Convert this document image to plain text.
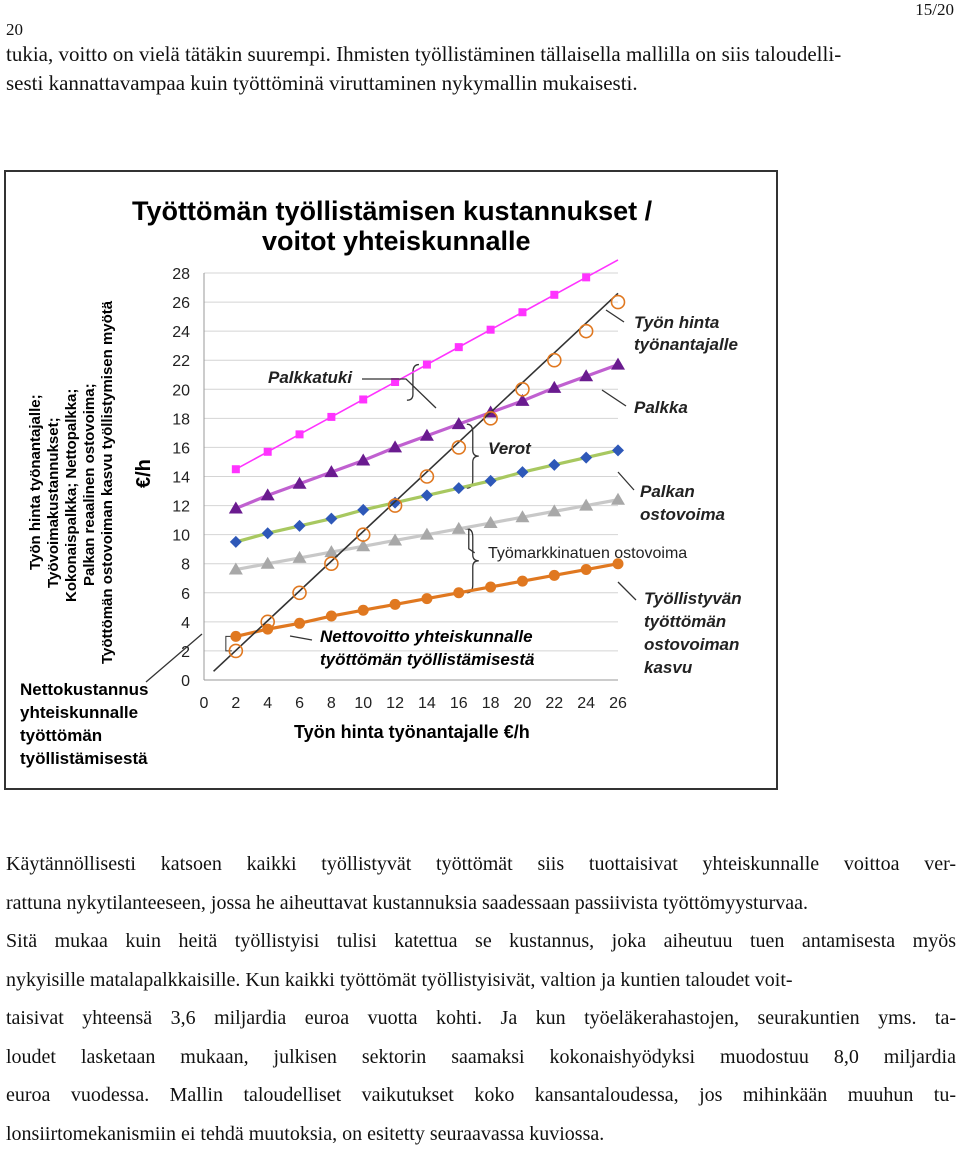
15/20
20
tukia, voitto on vielä tätäkin suurempi. Ihmisten työllistäminen tällaisella mallilla on siis taloudelli-
sesti kannattavampaa kuin työttöminä viruttaminen nykymallin mukaisesti.
Työttömän työllistämisen kustannukset /
voitot yhteiskunnalle
Työn hinta työnantajalle; Työvoimakustannukset; Kokonaispalkka; Nettopalkka; Palkan reaalinen ostovoima; Työttömän ostovoiman kasvu työllistymisen myötä €/h
0
2
4
6
8
10
12
14
16
18
20
22
24
26
28
0 2 4 6 8 10 12 14 16 18 20 22 24 26
Työn hinta työnantajalle €/h
Palkkatuki
Verot
Työn hinta
työnantajalle
Palkka
Palkan
ostovoima
Työmarkkinatuen ostovoima
Työllistyvän
työttömän
ostovoiman
kasvu
Nettovoitto yhteiskunnalle
työttömän työllistämisestä
Nettokustannus
yhteiskunnalle
työttömän
työllistämisestä
Käytännöllisesti katsoen kaikki työllistyvät työttömät siis tuottaisivat yhteiskunnalle voittoa ver-
rattuna nykytilanteeseen, jossa he aiheuttavat kustannuksia saadessaan passiivista työttömyysturvaa.
Sitä mukaa kuin heitä työllistyisi tulisi katettua se kustannus, joka aiheutuu tuen antamisesta myös
nykyisille matalapalkkaisille. Kun kaikki työttömät työllistyisivät, valtion ja kuntien taloudet voit-
taisivat yhteensä 3,6 miljardia euroa vuotta kohti. Ja kun työeläkerahastojen, seurakuntien yms. ta-
loudet lasketaan mukaan, julkisen sektorin saamaksi kokonaishyödyksi muodostuu 8,0 miljardia
euroa vuodessa. Mallin taloudelliset vaikutukset koko kansantaloudessa, jos mihinkään muuhun tu-
lonsiirtomekanismiin ei tehdä muutoksia, on esitetty seuraavassa kuviossa.
